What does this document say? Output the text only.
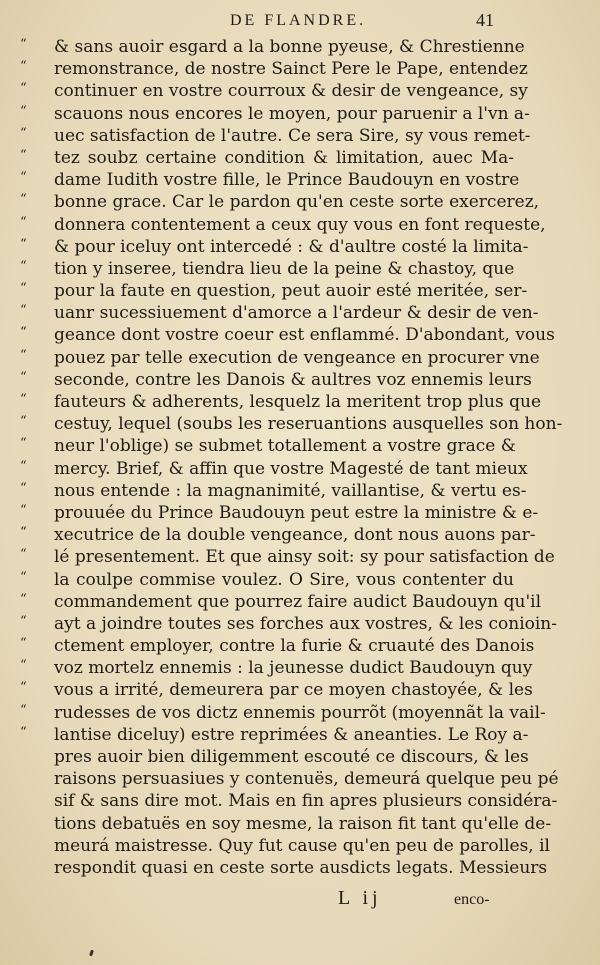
DE FLANDRE.	41
“	& sans auoir esgard a la bonne pyeuse, & Chrestienne
“	remonstrance, de nostre Sainct Pere le Pape, entendez
“	continuer en vostre courroux & desir de vengeance, sy
“	scauons nous encores le moyen, pour paruenir a l'vn a-
“	uec satisfaction de l'autre. Ce sera Sire, sy vous remet-
“	tez soubz certaine condition & limitation, auec Ma-
“	dame Iudith vostre fille, le Prince Baudouyn en vostre
“	bonne grace. Car le pardon qu'en ceste sorte exercerez,
“	donnera contentement a ceux quy vous en font requeste,
“	& pour iceluy ont intercedé : & d'aultre costé la limita-
“	tion y inseree, tiendra lieu de la peine & chastoy, que
“	pour la faute en question, peut auoir esté meritée, ser-
“	uanr sucessiuement d'amorce a l'ardeur & desir de ven-
“	geance dont vostre coeur est enflammé. D'abondant, vous
“	pouez par telle execution de vengeance en procurer vne
“	seconde, contre les Danois & aultres voz ennemis leurs
“	fauteurs & adherents, lesquelz la meritent trop plus que
“	cestuy, lequel (soubs les reseruantions ausquelles son hon-
“	neur l'oblige) se submet totallement a vostre grace &
“	mercy. Brief, & affin que vostre Magesté de tant mieux
“	nous entende : la magnanimité, vaillantise, & vertu es-
“	prouuée du Prince Baudouyn peut estre la ministre & e-
“	xecutrice de la double vengeance, dont nous auons par-
“	lé presentement. Et que ainsy soit: sy pour satisfaction de
“	la coulpe commise voulez. O Sire, vous contenter du
“	commandement que pourrez faire audict Baudouyn qu'il
“	ayt a joindre toutes ses forches aux vostres, & les conioin-
“	ctement employer, contre la furie & cruauté des Danois
“	voz mortelz ennemis : la jeunesse dudict Baudouyn quy
“	vous a irrité, demeurera par ce moyen chastoyée, & les
“	rudesses de vos dictz ennemis pourrõt (moyennãt la vail-
“	lantise diceluy) estre reprimées & aneanties. Le Roy a-
pres auoir bien diligemment escouté ce discours, & les
raisons persuasiues y contenuës, demeurá quelque peu pé
sif & sans dire mot. Mais en fin apres plusieurs considéra-
tions debatuës en soy mesme, la raison fit tant qu'elle de-
meurá maistresse. Quy fut cause qu'en peu de parolles, il
respondit quasi en ceste sorte ausdicts legats. Messieurs
L ij	enco-
